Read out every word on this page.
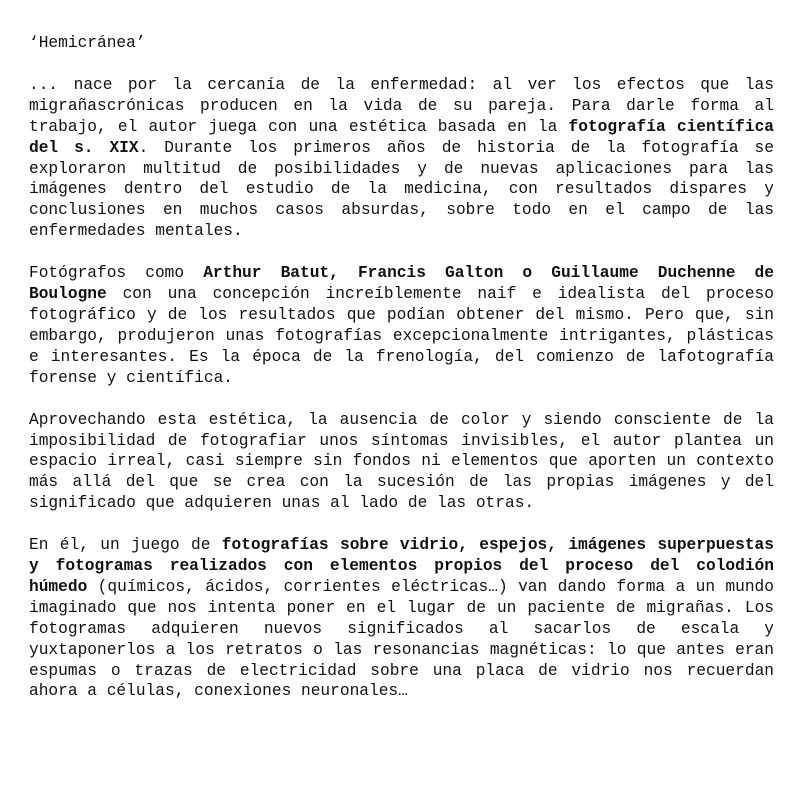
‘Hemicránea’

... nace por la cercanía de la enfermedad: al ver los efectos que las migrañascrónicas producen en la vida de su pareja. Para darle forma al trabajo, el autor juega con una estética basada en la fotografía científica del s. XIX. Durante los primeros años de historia de la fotografía se exploraron multitud de posibilidades y de nuevas aplicaciones para las imágenes dentro del estudio de la medicina, con resultados dispares y conclusiones en muchos casos absurdas, sobre todo en el campo de las enfermedades mentales.

Fotógrafos como Arthur Batut, Francis Galton o Guillaume Duchenne de Boulogne con una concepción increíblemente naif e idealista del proceso fotográfico y de los resultados que podían obtener del mismo. Pero que, sin embargo, produjeron unas fotografías excepcionalmente intrigantes, plásticas e interesantes. Es la época de la frenología, del comienzo de lafotografía forense y científica.

Aprovechando esta estética, la ausencia de color y siendo consciente de la imposibilidad de fotografiar unos síntomas invisibles, el autor plantea un espacio irreal, casi siempre sin fondos ni elementos que aporten un contexto más allá del que se crea con la sucesión de las propias imágenes y del significado que adquieren unas al lado de las otras.

En él, un juego de fotografías sobre vidrio, espejos, imágenes superpuestas y fotogramas realizados con elementos propios del proceso del colodión húmedo (químicos, ácidos, corrientes eléctricas…) van dando forma a un mundo imaginado que nos intenta poner en el lugar de un paciente de migrañas. Los fotogramas adquieren nuevos significados al sacarlos de escala y yuxtaponerlos a los retratos o las resonancias magnéticas: lo que antes eran espumas o trazas de electricidad sobre una placa de vidrio nos recuerdan ahora a células, conexiones neuronales…
